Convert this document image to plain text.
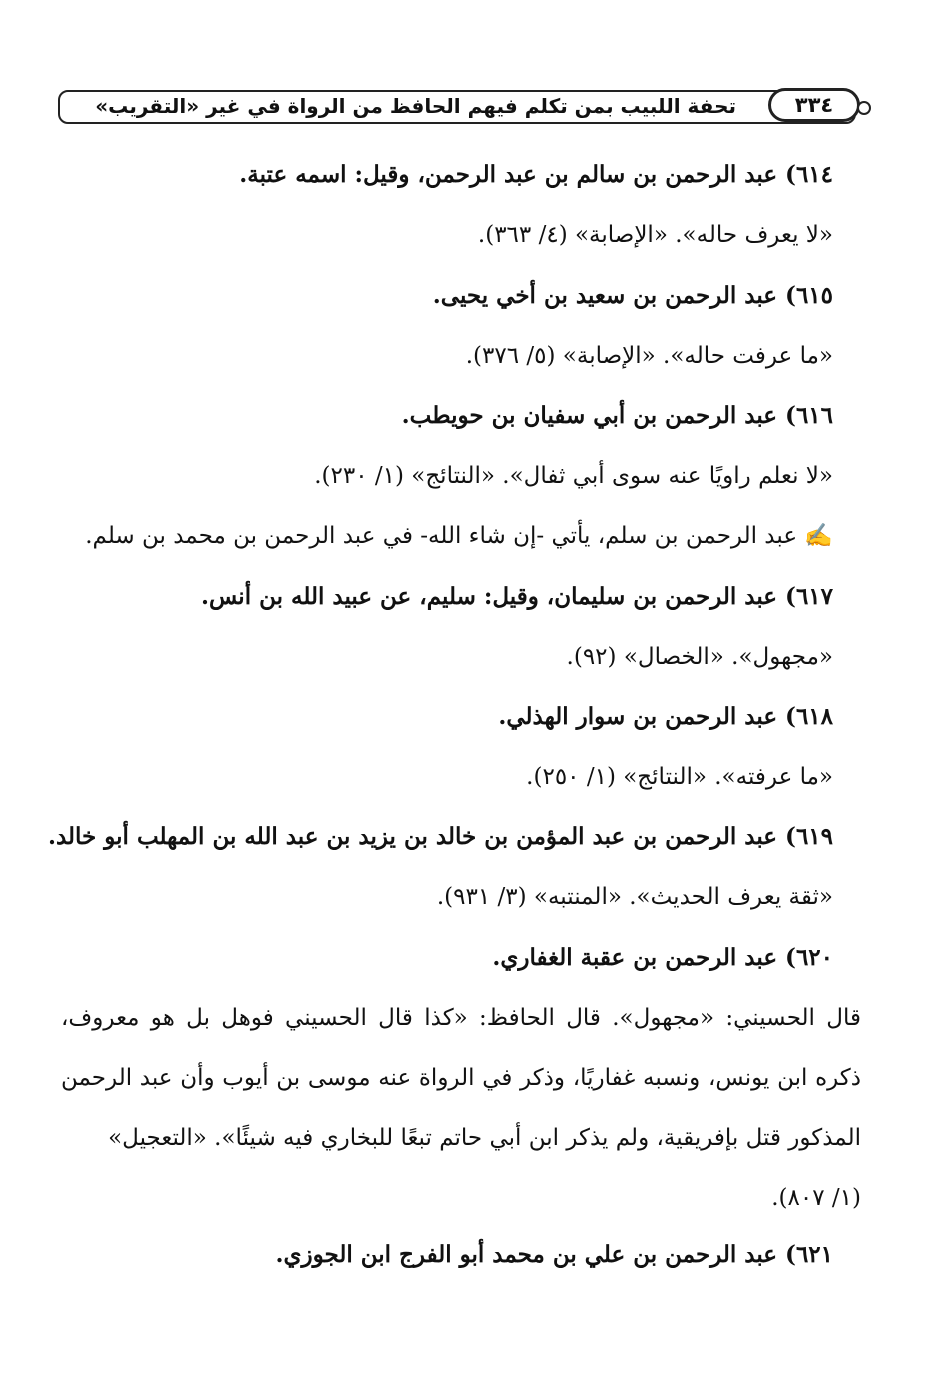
تحفة اللبيب بمن تكلم فيهم الحافظ من الرواة في غير «التقريب»	٣٣٤
٦١٤) عبد الرحمن بن سالم بن عبد الرحمن، وقيل: اسمه عتبة.
«لا يعرف حاله». «الإصابة» (٤/ ٣٦٣).
٦١٥) عبد الرحمن بن سعيد بن أخي يحيى.
«ما عرفت حاله». «الإصابة» (٥/ ٣٧٦).
٦١٦) عبد الرحمن بن أبي سفيان بن حويطب.
«لا نعلم راويًا عنه سوى أبي ثفال». «النتائج» (١/ ٢٣٠).
✍ عبد الرحمن بن سلم، يأتي -إن شاء الله- في عبد الرحمن بن محمد بن سلم.
٦١٧) عبد الرحمن بن سليمان، وقيل: سليم، عن عبيد الله بن أنس.
«مجهول». «الخصال» (٩٢).
٦١٨) عبد الرحمن بن سوار الهذلي.
«ما عرفته». «النتائج» (١/ ٢٥٠).
٦١٩) عبد الرحمن بن عبد المؤمن بن خالد بن يزيد بن عبد الله بن المهلب أبو خالد.
«ثقة يعرف الحديث». «المنتبه» (٣/ ٩٣١).
٦٢٠) عبد الرحمن بن عقبة الغفاري.
قال الحسيني: «مجهول». قال الحافظ: «كذا قال الحسيني فوهل بل هو معروف، ذكره ابن يونس، ونسبه غفاريًا، وذكر في الرواة عنه موسى بن أيوب وأن عبد الرحمن المذكور قتل بإفريقية، ولم يذكر ابن أبي حاتم تبعًا للبخاري فيه شيئًا». «التعجيل»
(١/ ٨٠٧).
٦٢١) عبد الرحمن بن علي بن محمد أبو الفرج ابن الجوزي.
